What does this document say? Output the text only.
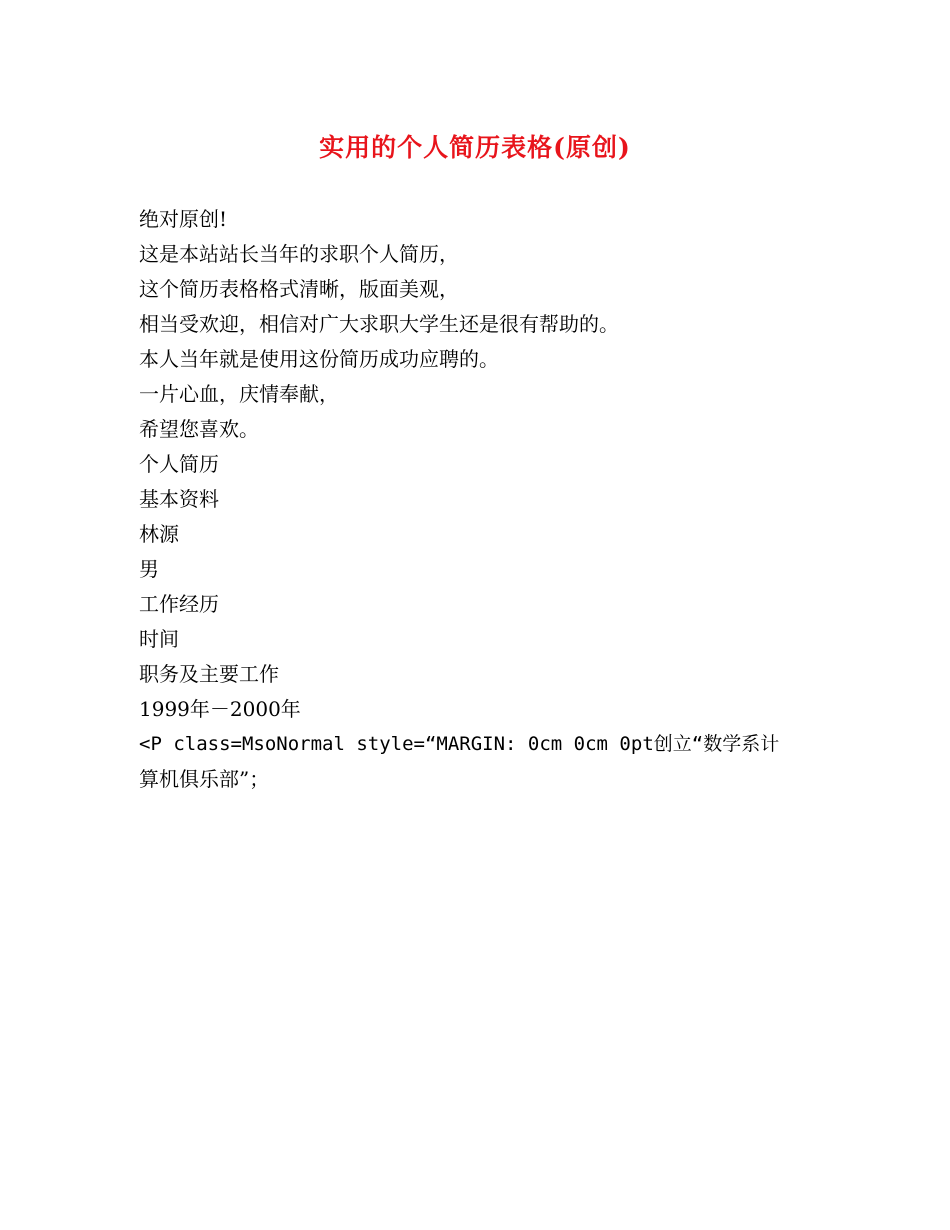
实用的个人简历表格(原创)
绝对原创!
这是本站站长当年的求职个人简历，
这个简历表格格式清晰，版面美观，
相当受欢迎，相信对广大求职大学生还是很有帮助的。
本人当年就是使用这份简历成功应聘的。
一片心血，庆情奉献，
希望您喜欢。
个人简历
基本资料
林源
男
工作经历
时间
职务及主要工作
1999年－2000年
<P class=MsoNormal style=“MARGIN: 0cm 0cm 0pt创立“数学系计
算机俱乐部”；
